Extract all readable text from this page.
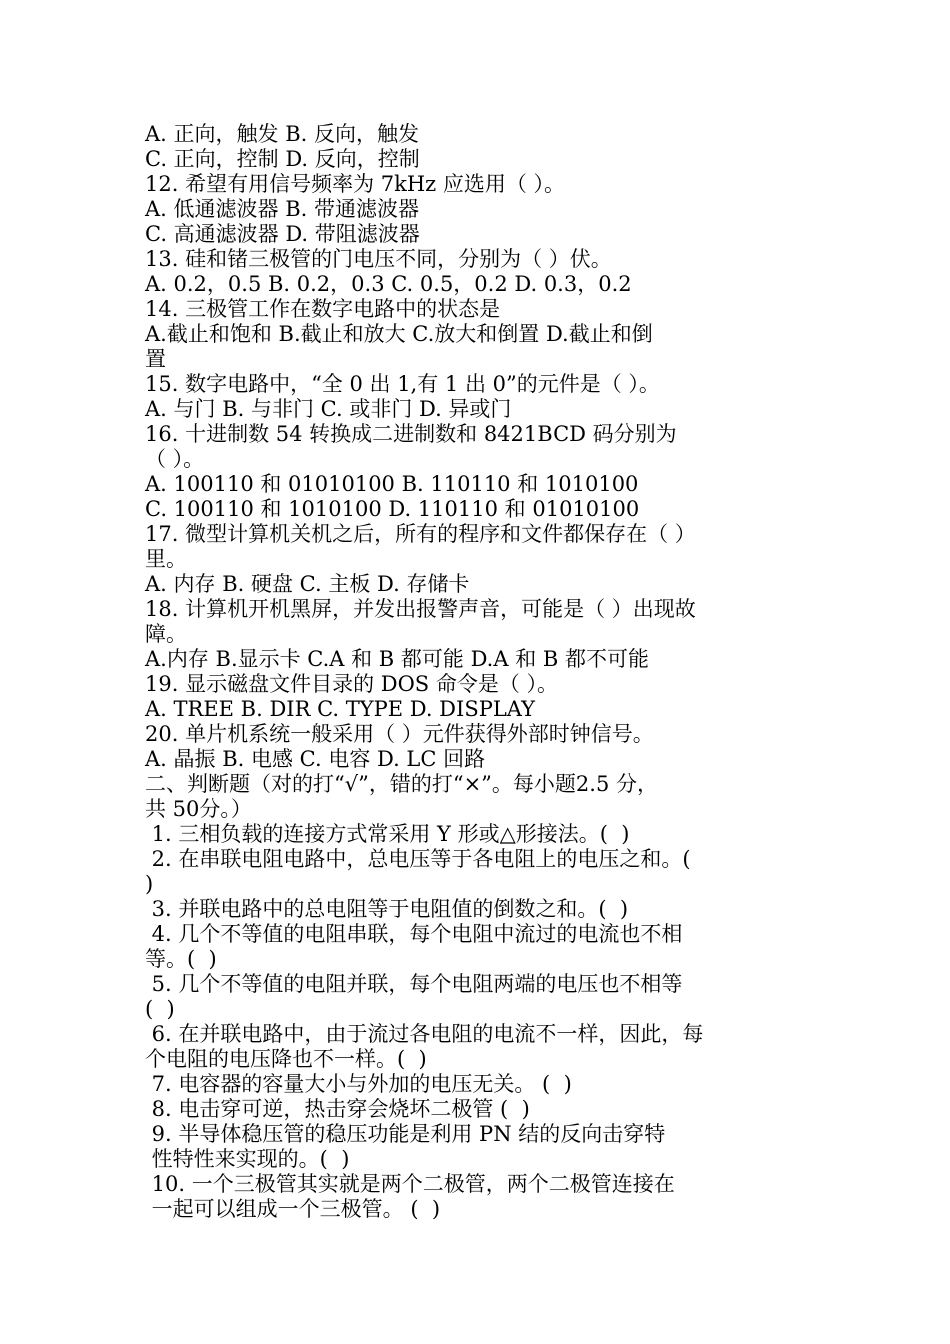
A. 正向，触发 B. 反向，触发
C. 正向，控制 D. 反向，控制
12. 希望有用信号频率为 7kHz 应选用（ ）。
A. 低通滤波器 B. 带通滤波器
C. 高通滤波器 D. 带阻滤波器
13. 硅和锗三极管的门电压不同，分别为（ ）伏。
A. 0.2，0.5 B. 0.2，0.3 C. 0.5，0.2 D. 0.3，0.2
14. 三极管工作在数字电路中的状态是
A.截止和饱和 B.截止和放大 C.放大和倒置 D.截止和倒
置
15. 数字电路中，“全 0 出 1,有 1 出 0”的元件是（ ）。
A. 与门 B. 与非门 C. 或非门 D. 异或门
16. 十进制数 54 转换成二进制数和 8421BCD 码分别为
（ ）。
A. 100110 和 01010100 B. 110110 和 1010100
C. 100110 和 1010100 D. 110110 和 01010100
17. 微型计算机关机之后，所有的程序和文件都保存在（ ）
里。
A. 内存 B. 硬盘 C. 主板 D. 存储卡
18. 计算机开机黑屏，并发出报警声音，可能是（ ）出现故
障。
A.内存 B.显示卡 C.A 和 B 都可能 D.A 和 B 都不可能
19. 显示磁盘文件目录的 DOS 命令是（ ）。
A. TREE B. DIR C. TYPE D. DISPLAY
20. 单片机系统一般采用（ ）元件获得外部时钟信号。
A. 晶振 B. 电感 C. 电容 D. LC 回路
二、判断题（对的打“√”，错的打“×”。每小题2.5 分，
共 50分。）
1. 三相负载的连接方式常采用 Y 形或△形接法。(  )
2. 在串联电阻电路中，总电压等于各电阻上的电压之和。(
)
3. 并联电路中的总电阻等于电阻值的倒数之和。(  )
4. 几个不等值的电阻串联，每个电阻中流过的电流也不相
等。(  )
5. 几个不等值的电阻并联，每个电阻两端的电压也不相等
(  )
6. 在并联电路中，由于流过各电阻的电流不一样，因此，每
个电阻的电压降也不一样。(  )
7. 电容器的容量大小与外加的电压无关。 (  )
8. 电击穿可逆，热击穿会烧坏二极管 (  )
9. 半导体稳压管的稳压功能是利用 PN 结的反向击穿特
性特性来实现的。(  )
10. 一个三极管其实就是两个二极管，两个二极管连接在
一起可以组成一个三极管。 (  )
